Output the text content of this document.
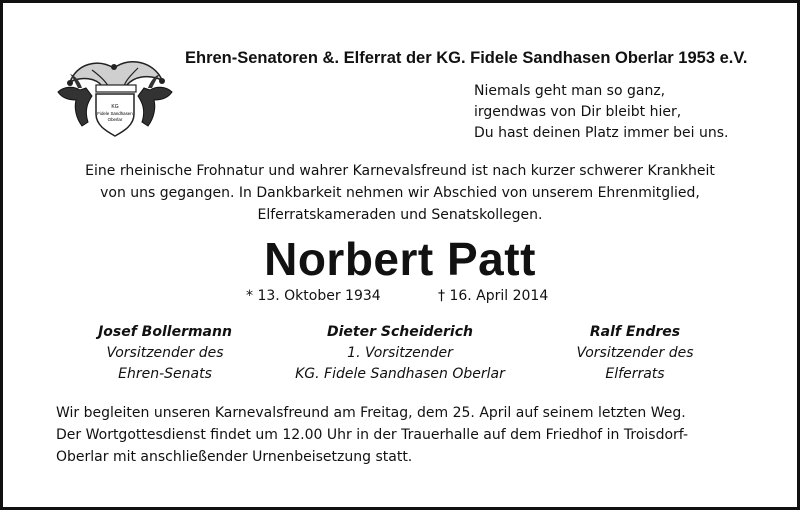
KG
Fidele Sandhasen
Oberlar
Ehren-Senatoren &. Elferrat der KG. Fidele Sandhasen Oberlar 1953 e.V.
Niemals geht man so ganz,
irgendwas von Dir bleibt hier,
Du hast deinen Platz immer bei uns.
Eine rheinische Frohnatur und wahrer Karnevalsfreund ist nach kurzer schwerer Krankheit
von uns gegangen. In Dankbarkeit nehmen wir Abschied von unserem Ehrenmitglied,
Elferratskameraden und Senatskollegen.
Norbert Patt
* 13. Oktober 1934	† 16. April 2014
Josef Bollermann
Vorsitzender des
Ehren-Senats
Dieter Scheiderich
1. Vorsitzender
KG. Fidele Sandhasen Oberlar
Ralf Endres
Vorsitzender des
Elferrats
Wir begleiten unseren Karnevalsfreund am Freitag, dem 25. April auf seinem letzten Weg.
Der Wortgottesdienst findet um 12.00 Uhr in der Trauerhalle auf dem Friedhof in Troisdorf-
Oberlar mit anschließender Urnenbeisetzung statt.
